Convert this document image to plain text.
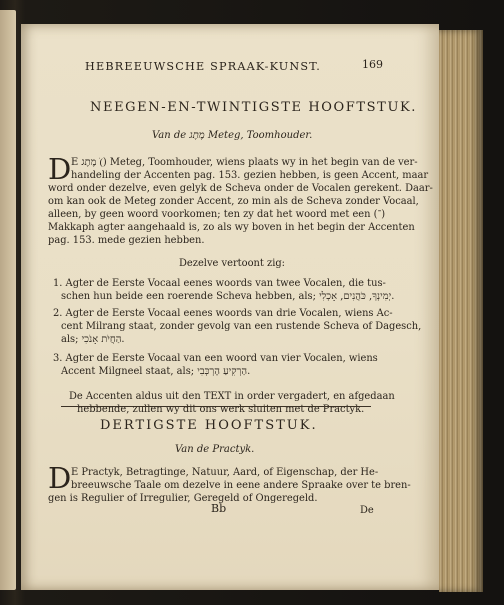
HEBREEUWSCHE SPRAAK-KUNST.	169
NEEGEN-EN-TWINTIGSTE HOOFTSTUK.
Van de מֶתֶג Meteg, Toomhouder.
D E מֶתֶג (ׂ) Meteg, Toomhouder, wiens plaats wy in het begin van de ver-
handeling der Accenten pag. 153. gezien hebben, is geen Accent, maar
word onder dezelve, even gelyk de Scheva onder de Vocalen gerekent. Daar-
om kan ook de Meteg zonder Accent, zo min als de Scheva zonder Vocaal,
alleen, by geen woord voorkomen; ten zy dat het woord met een (־)
Makkaph agter aangehaald is, zo als wy boven in het begin der Accenten
pag. 153. mede gezien hebben.
Dezelve vertoont zig:
1. Agter de Eerste Vocaal eenes woords van twee Vocalen, die tus-
schen hun beide een roerende Scheva hebben, als; יְמִינְךָ, כֹּהֲנִים, אָכְלִי.
2. Agter de Eerste Vocaal eenes woords van drie Vocalen, wiens Ac-
cent Milrang staat, zonder gevolg van een rustende Scheva of Dagesch,
als; הַחֲיֹת אָנֹכִי.
3. Agter de Eerste Vocaal van een woord van vier Vocalen, wiens
Accent Milgneel staat, als; הַרְקִיעַ הָרְכְּבִי.
De Accenten aldus uit den TEXT in order vergadert, en afgedaan
hebbende, zullen wy dit ons werk sluiten met de Practyk.
DERTIGSTE HOOFTSTUK.
Van de Practyk.
D E Practyk, Betragtinge, Natuur, Aard, of Eigenschap, der He-
breeuwsche Taale om dezelve in eene andere Spraake over te bren-
gen is Regulier of Irregulier, Geregeld of Ongeregeld.
Bb	De
